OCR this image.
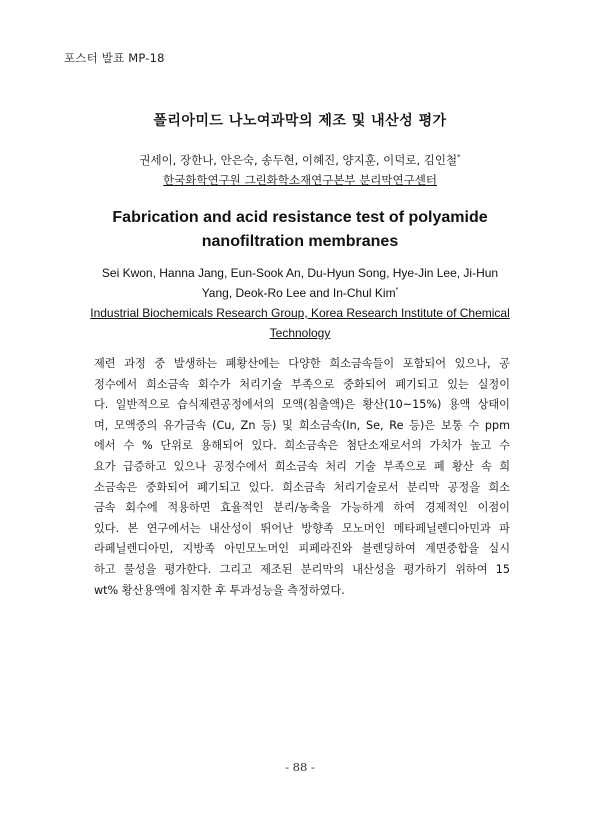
포스터 발표 MP-18
폴리아미드 나노여과막의 제조 및 내산성 평가
권세이, 장한나, 안은숙, 송두현, 이혜진, 양지훈, 이덕로, 김인철*
한국화학연구원 그린화학소재연구본부 분리막연구센터
Fabrication and acid resistance test of polyamide
nanofiltration membranes
Sei Kwon, Hanna Jang, Eun-Sook An, Du-Hyun Song, Hye-Jin Lee, Ji-Hun
Yang, Deok-Ro Lee and In-Chul Kim*
Industrial Biochemicals Research Group, Korea Research Institute of Chemical
Technology
제련 과정 중 발생하는 폐황산에는 다양한 희소금속들이 포함되어 있으나, 공
정수에서 희소금속 회수가 처리기술 부족으로 중화되어 폐기되고 있는 실정이
다. 일반적으로 습식제련공정에서의 모액(침출액)은 황산(10~15%) 용액 상태이
며, 모액중의 유가금속 (Cu, Zn 등) 및 희소금속(In, Se, Re 등)은 보통 수 ppm
에서 수 % 단위로 용해되어 있다. 희소금속은 첨단소재로서의 가치가 높고 수
요가 급증하고 있으나 공정수에서 희소금속 처리 기술 부족으로 폐 황산 속 희
소금속은 중화되어 폐기되고 있다. 희소금속 처리기술로서 분리막 공정을 희소
금속 회수에 적용하면 효율적인 분리/농축을 가능하게 하여 경제적인 이점이
있다. 본 연구에서는 내산성이 뛰어난 방향족 모노머인 메타페닐렌디아민과 파
라페닐렌디아민, 지방족 아민모노머인 피페라진와 블렌딩하여 계면중합을 실시
하고 물성을 평가한다. 그리고 제조된 분리막의 내산성을 평가하기 위하여 15
wt% 황산용액에 침지한 후 투과성능을 측정하였다.
- 88 -
